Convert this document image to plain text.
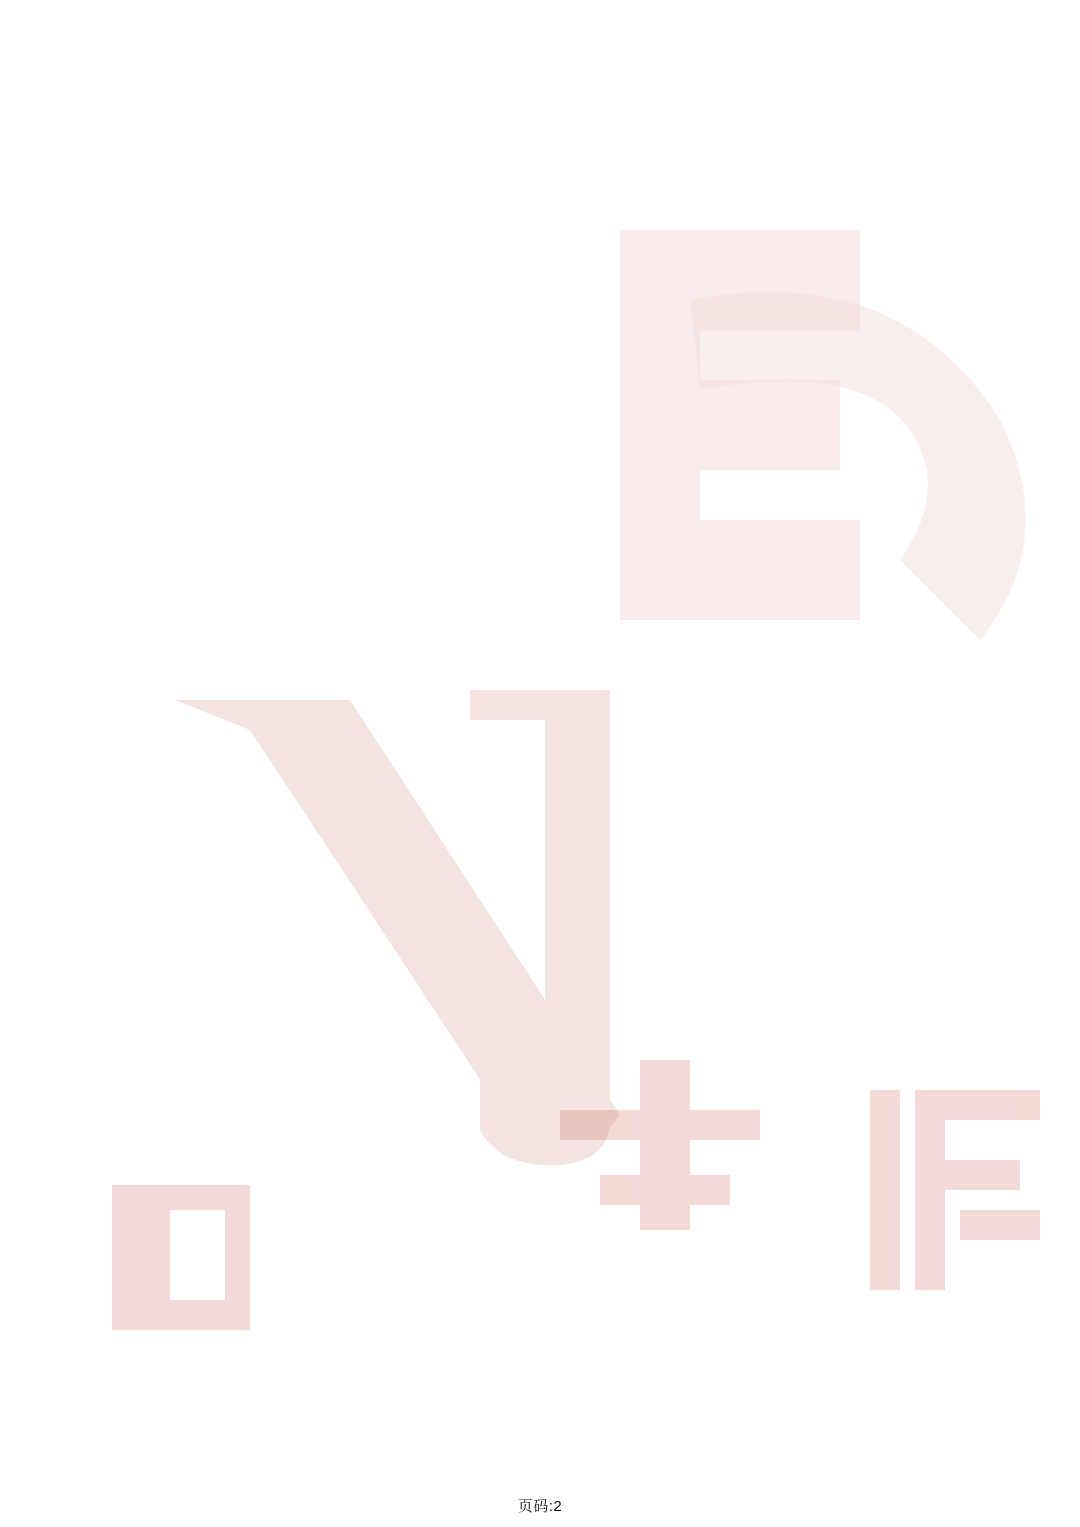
页码:2
